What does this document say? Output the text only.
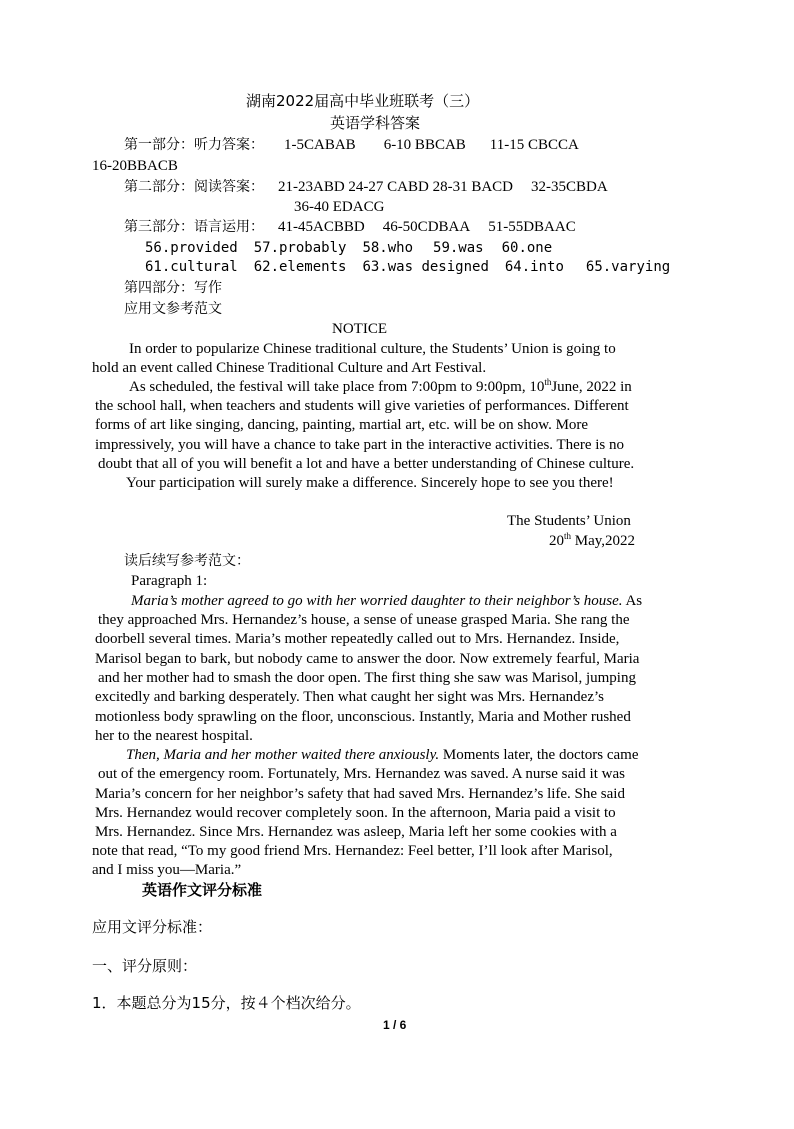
湖南2022届高中毕业班联考（三）
英语学科答案
第一部分：听力答案： 1-5CABAB 6-10 BBCAB 11-15 CBCCA
16-20BBACB
第二部分：阅读答案： 21-23ABD 24-27 CABD 28-31 BACD 32-35CBDA
36-40 EDACG
第三部分：语言运用： 41-45ACBBD 46-50CDBAA 51-55DBAAC
56.provided 57.probably 58.who 59.was 60.one
61.cultural 62.elements 63.was designed 64.into 65.varying
第四部分：写作
应用文参考范文
NOTICE
In order to popularize Chinese traditional culture, the Students’ Union is going to
hold an event called Chinese Traditional Culture and Art Festival.
As scheduled, the festival will take place from 7:00pm to 9:00pm, 10thJune, 2022 in
the school hall, when teachers and students will give varieties of performances. Different
forms of art like singing, dancing, painting, martial art, etc. will be on show. More
impressively, you will have a chance to take part in the interactive activities. There is no
doubt that all of you will benefit a lot and have a better understanding of Chinese culture.
Your participation will surely make a difference. Sincerely hope to see you there!
The Students’ Union
20th May,2022
读后续写参考范文：
Paragraph 1:
Maria’s mother agreed to go with her worried daughter to their neighbor’s house. As
they approached Mrs. Hernandez’s house, a sense of unease grasped Maria. She rang the
doorbell several times. Maria’s mother repeatedly called out to Mrs. Hernandez. Inside,
Marisol began to bark, but nobody came to answer the door. Now extremely fearful, Maria
and her mother had to smash the door open. The first thing she saw was Marisol, jumping
excitedly and barking desperately. Then what caught her sight was Mrs. Hernandez’s
motionless body sprawling on the floor, unconscious. Instantly, Maria and Mother rushed
her to the nearest hospital.
Then, Maria and her mother waited there anxiously. Moments later, the doctors came
out of the emergency room. Fortunately, Mrs. Hernandez was saved. A nurse said it was
Maria’s concern for her neighbor’s safety that had saved Mrs. Hernandez’s life. She said
Mrs. Hernandez would recover completely soon. In the afternoon, Maria paid a visit to
Mrs. Hernandez. Since Mrs. Hernandez was asleep, Maria left her some cookies with a
note that read, “To my good friend Mrs. Hernandez: Feel better, I’ll look after Marisol,
and I miss you—Maria.”
英语作文评分标准
应用文评分标准：
一、评分原则：
1．本题总分为15分，按４个档次给分。
1 / 6
